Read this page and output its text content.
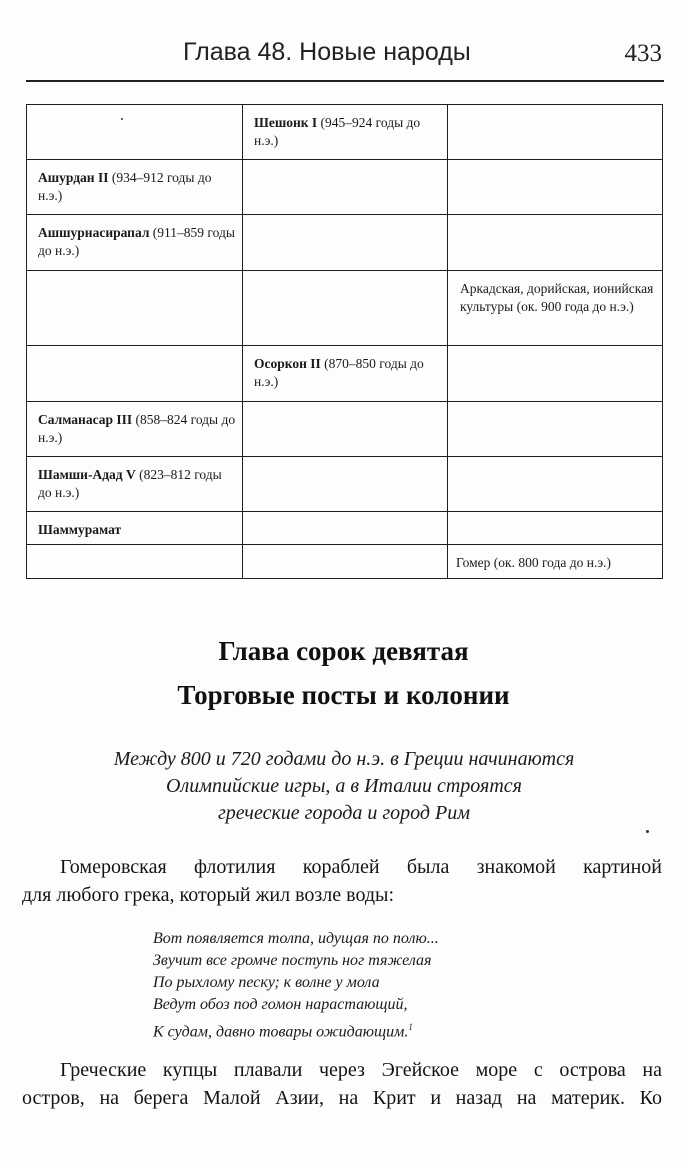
Глава 48. Новые народы	433
	Шешонк I (945–924 годы до н.э.)	
Ашурдан II (934–912 годы до н.э.)		
Ашшурнасирапал (911–859 годы до н.э.)		
		Аркадская, дорийская, ионийская культуры (ок. 900 года до н.э.)
	Осоркон II (870–850 годы до н.э.)	
Салманасар III (858–824 годы до н.э.)		
Шамши-Адад V (823–812 годы до н.э.)		
Шаммурамат		
		Гомер (ок. 800 года до н.э.)
Глава сорок девятая
Торговые посты и колонии
Между 800 и 720 годами до н.э. в Греции начинаются
Олимпийские игры, а в Италии строятся
греческие города и город Рим
Гомеровская флотилия кораблей была знакомой картиной
для любого грека, который жил возле воды:
Вот появляется толпа, идущая по полю...
Звучит все громче поступь ног тяжелая
По рыхлому песку; к волне у мола
Ведут обоз под гомон нарастающий,
К судам, давно товары ожидающим.$^1$
Греческие купцы плавали через Эгейское море с острова на
остров, на берега Малой Азии, на Крит и назад на материк. Ко
